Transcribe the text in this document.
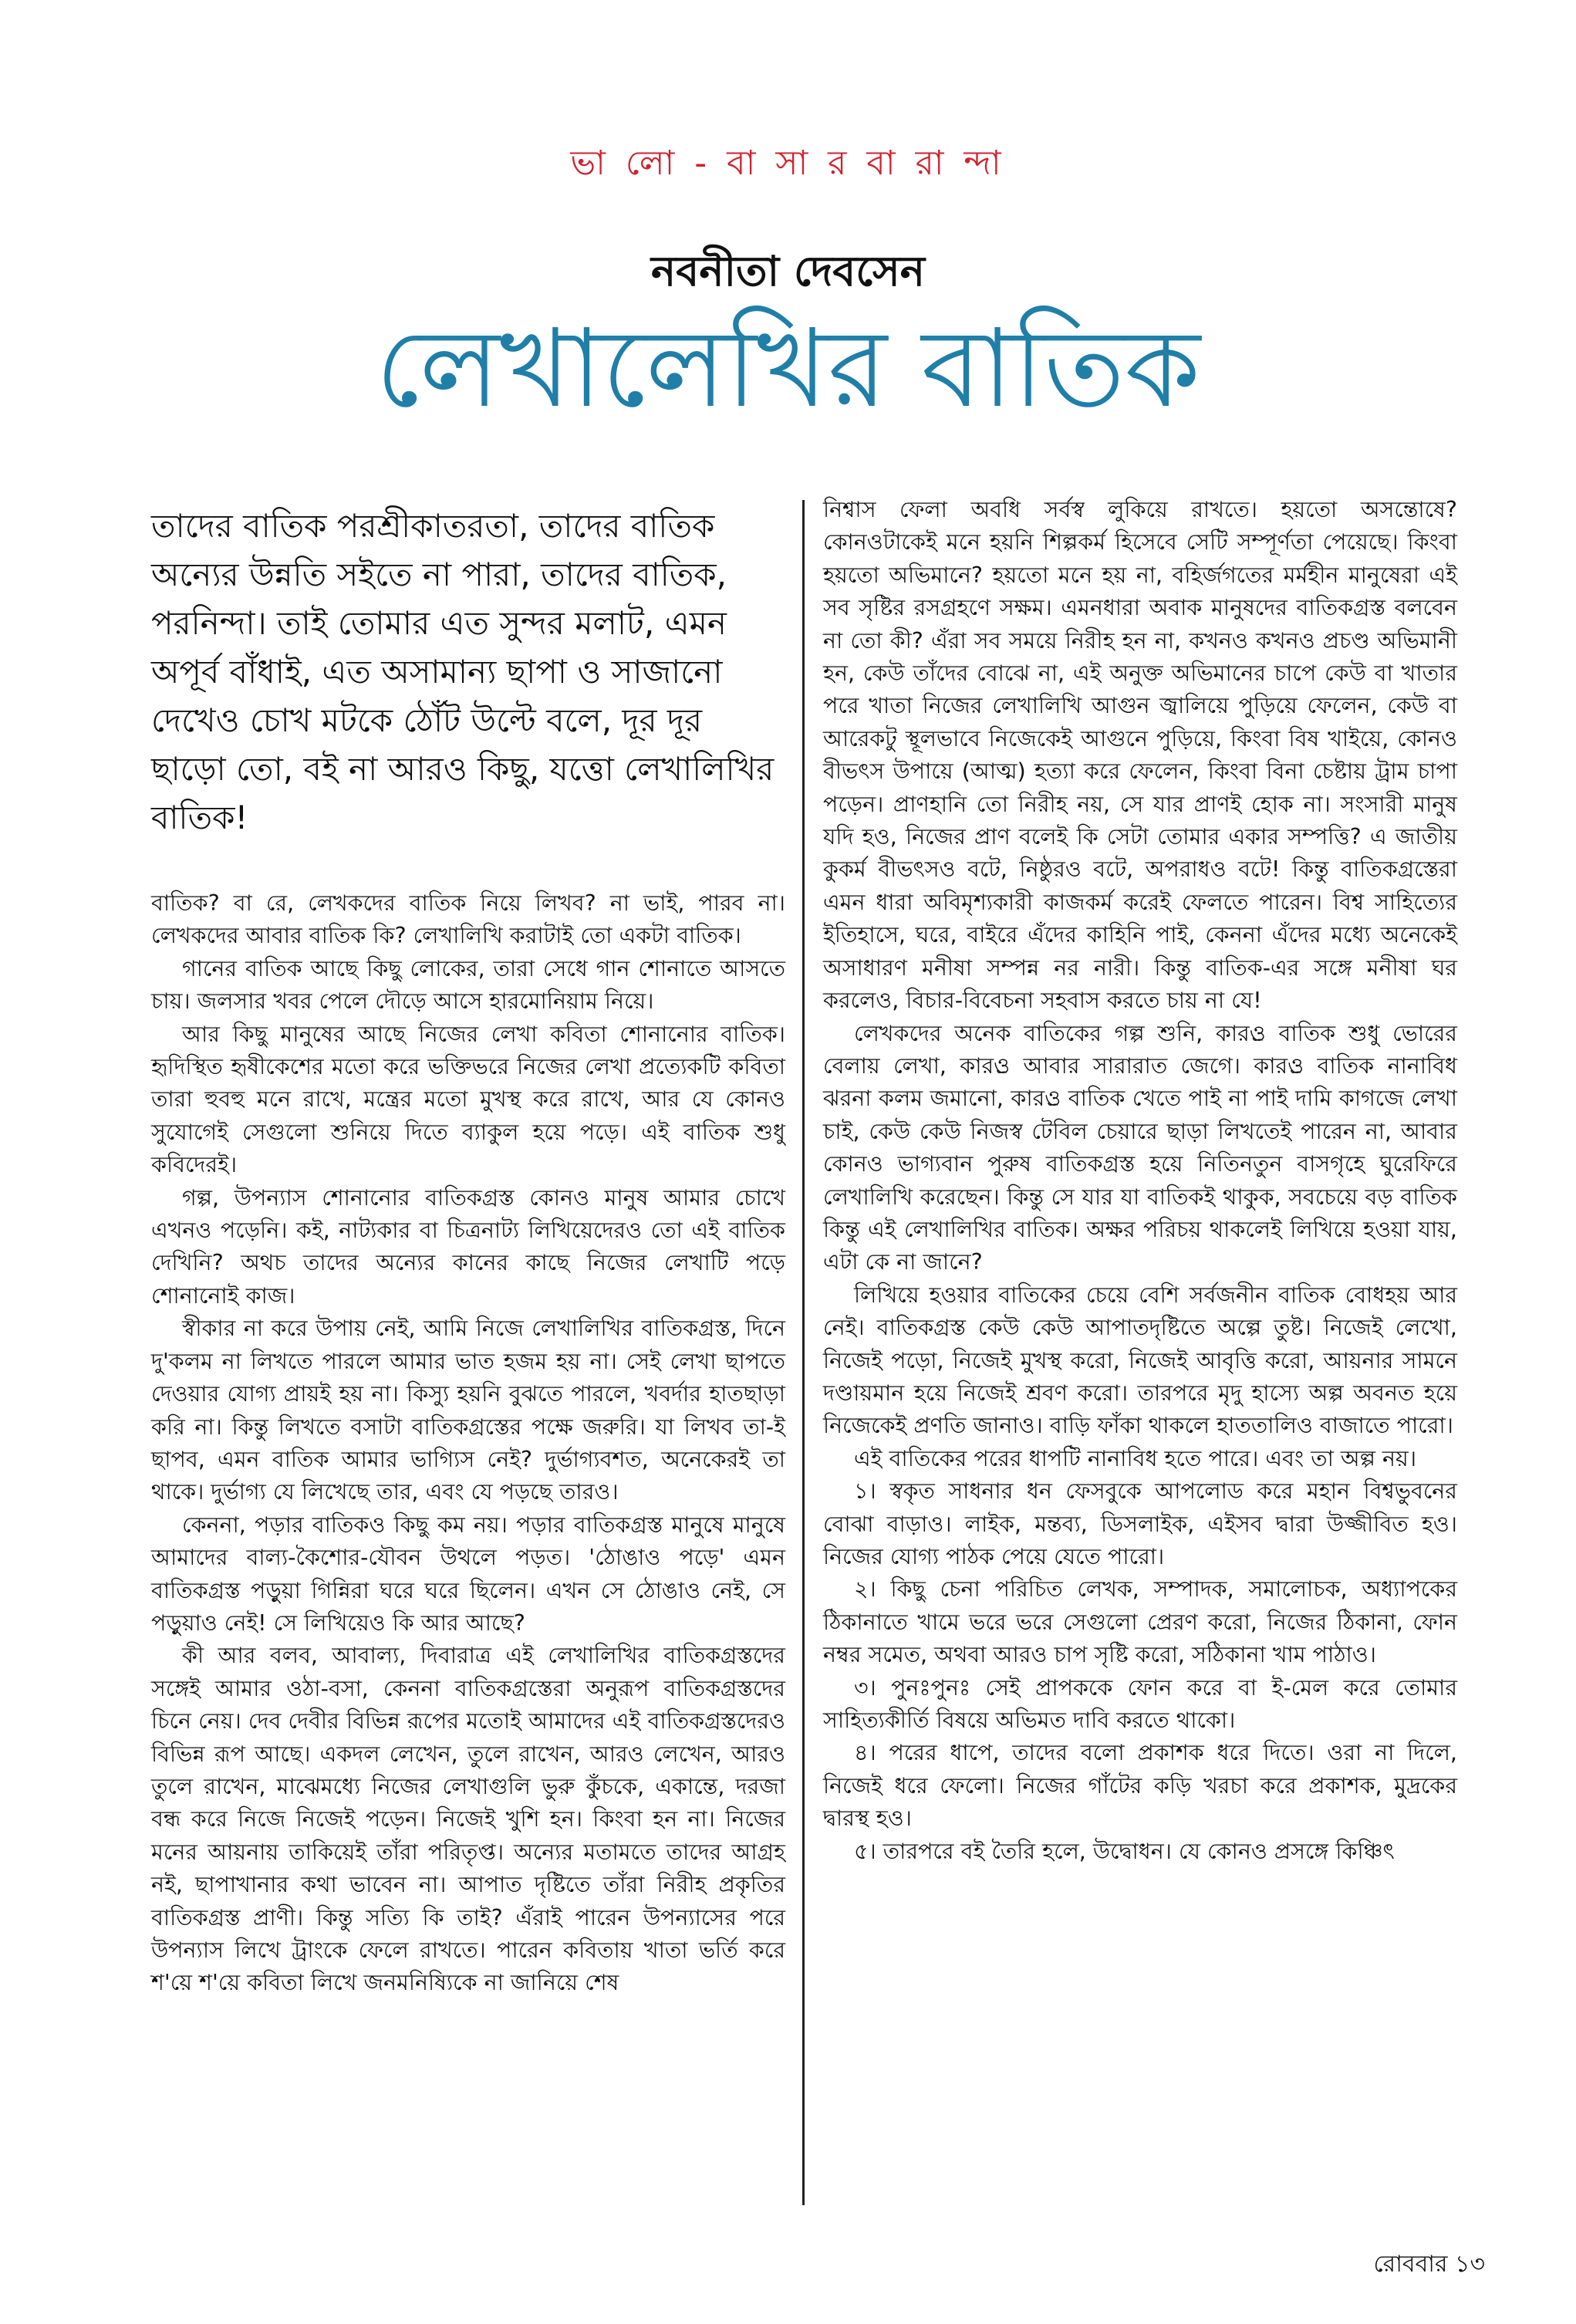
ভা লো - বা সা র বা রা ন্দা
নবনীতা দেবসেন
লেখালেখির বাতিক
তাদের বাতিক পরশ্রীকাতরতা, তাদের বাতিক অন্যের উন্নতি সইতে না পারা, তাদের বাতিক, পরনিন্দা। তাই তোমার এত সুন্দর মলাট, এমন অপূর্ব বাঁধাই, এত অসামান্য ছাপা ও সাজানো দেখেও চোখ মটকে ঠোঁট উল্টে বলে, দূর দূর ছাড়ো তো, বই না আরও কিছু, যত্তো লেখালিখির বাতিক!

বাতিক? বা রে, লেখকদের বাতিক নিয়ে লিখব? না ভাই, পারব না। লেখকদের আবার বাতিক কি? লেখালিখি করাটাই তো একটা বাতিক।

গানের বাতিক আছে কিছু লোকের, তারা সেধে গান শোনাতে আসতে চায়। জলসার খবর পেলে দৌড়ে আসে হারমোনিয়াম নিয়ে।

আর কিছু মানুষের আছে নিজের লেখা কবিতা শোনানোর বাতিক। হৃদিস্থিত হৃষীকেশের মতো করে ভক্তিভরে নিজের লেখা প্রত্যেকটি কবিতা তারা হুবহু মনে রাখে, মন্ত্রের মতো মুখস্থ করে রাখে, আর যে কোনও সুযোগেই সেগুলো শুনিয়ে দিতে ব্যাকুল হয়ে পড়ে। এই বাতিক শুধু কবিদেরই।

গল্প, উপন্যাস শোনানোর বাতিকগ্রস্ত কোনও মানুষ আমার চোখে এখনও পড়েনি। কই, নাট্যকার বা চিত্রনাট্য লিখিয়েদেরও তো এই বাতিক দেখিনি? অথচ তাদের অন্যের কানের কাছে নিজের লেখাটি পড়ে শোনানোই কাজ।

স্বীকার না করে উপায় নেই, আমি নিজে লেখালিখির বাতিকগ্রস্ত, দিনে দু'কলম না লিখতে পারলে আমার ভাত হজম হয় না। সেই লেখা ছাপতে দেওয়ার যোগ্য প্রায়ই হয় না। কিস্যু হয়নি বুঝতে পারলে, খবর্দার হাতছাড়া করি না। কিন্তু লিখতে বসাটা বাতিকগ্রস্তের পক্ষে জরুরি। যা লিখব তা-ই ছাপব, এমন বাতিক আমার ভাগ্যিস নেই? দুর্ভাগ্যবশত, অনেকেরই তা থাকে। দুর্ভাগ্য যে লিখেছে তার, এবং যে পড়ছে তারও।

কেননা, পড়ার বাতিকও কিছু কম নয়। পড়ার বাতিকগ্রস্ত মানুষে মানুষে আমাদের বাল্য-কৈশোর-যৌবন উথলে পড়ত। 'ঠোঙাও পড়ে' এমন বাতিকগ্রস্ত পড়ুয়া গিন্নিরা ঘরে ঘরে ছিলেন। এখন সে ঠোঙাও নেই, সে পড়ুয়াও নেই! সে লিখিয়েও কি আর আছে?

কী আর বলব, আবাল্য, দিবারাত্র এই লেখালিখির বাতিকগ্রস্তদের সঙ্গেই আমার ওঠা-বসা, কেননা বাতিকগ্রস্তেরা অনুরূপ বাতিকগ্রস্তদের চিনে নেয়। দেব দেবীর বিভিন্ন রূপের মতোই আমাদের এই বাতিকগ্রস্তদেরও বিভিন্ন রূপ আছে। একদল লেখেন, তুলে রাখেন, আরও লেখেন, আরও তুলে রাখেন, মাঝেমধ্যে নিজের লেখাগুলি ভুরু কুঁচকে, একান্তে, দরজা বন্ধ করে নিজে নিজেই পড়েন। নিজেই খুশি হন। কিংবা হন না। নিজের মনের আয়নায় তাকিয়েই তাঁরা পরিতৃপ্ত। অন্যের মতামতে তাদের আগ্রহ নই, ছাপাখানার কথা ভাবেন না। আপাত দৃষ্টিতে তাঁরা নিরীহ প্রকৃতির বাতিকগ্রস্ত প্রাণী। কিন্তু সত্যি কি তাই? এঁরাই পারেন উপন্যাসের পরে উপন্যাস লিখে ট্রাংকে ফেলে রাখতে। পারেন কবিতায় খাতা ভর্তি করে শ'য়ে শ'য়ে কবিতা লিখে জনমনিষ্যিকে না জানিয়ে শেষ

নিশ্বাস ফেলা অবধি সর্বস্ব লুকিয়ে রাখতে। হয়তো অসন্তোষে? কোনওটাকেই মনে হয়নি শিল্পকর্ম হিসেবে সেটি সম্পূর্ণতা পেয়েছে। কিংবা হয়তো অভিমানে? হয়তো মনে হয় না, বহির্জগতের মর্মহীন মানুষেরা এই সব সৃষ্টির রসগ্রহণে সক্ষম। এমনধারা অবাক মানুষদের বাতিকগ্রস্ত বলবেন না তো কী? এঁরা সব সময়ে নিরীহ হন না, কখনও কখনও প্রচণ্ড অভিমানী হন, কেউ তাঁদের বোঝে না, এই অনুক্ত অভিমানের চাপে কেউ বা খাতার পরে খাতা নিজের লেখালিখি আগুন জ্বালিয়ে পুড়িয়ে ফেলেন, কেউ বা আরেকটু স্থূলভাবে নিজেকেই আগুনে পুড়িয়ে, কিংবা বিষ খাইয়ে, কোনও বীভৎস উপায়ে (আত্ম) হত্যা করে ফেলেন, কিংবা বিনা চেষ্টায় ট্রাম চাপা পড়েন। প্রাণহানি তো নিরীহ নয়, সে যার প্রাণই হোক না। সংসারী মানুষ যদি হও, নিজের প্রাণ বলেই কি সেটা তোমার একার সম্পত্তি? এ জাতীয় কুকর্ম বীভৎসও বটে, নিষ্ঠুরও বটে, অপরাধও বটে! কিন্তু বাতিকগ্রস্তেরা এমন ধারা অবিমৃশ্যকারী কাজকর্ম করেই ফেলতে পারেন। বিশ্ব সাহিত্যের ইতিহাসে, ঘরে, বাইরে এঁদের কাহিনি পাই, কেননা এঁদের মধ্যে অনেকেই অসাধারণ মনীষা সম্পন্ন নর নারী। কিন্তু বাতিক-এর সঙ্গে মনীষা ঘর করলেও, বিচার-বিবেচনা সহবাস করতে চায় না যে!

লেখকদের অনেক বাতিকের গল্প শুনি, কারও্র বাতিক শুধু ভোরের বেলায় লেখা, কারও্র আবার সারারাত জেগে। কারও্র বাতিক নানাবিধ ঝরনা কলম জমানো, কারও্র বাতিক খেতে পাই না পাই দামি কাগজে লেখা চাই, কেউ কেউ নিজস্ব টেবিল চেয়ারে ছাড়া লিখতেই পারেন না, আবার কোনও ভাগ্যবান পুরুষ বাতিকগ্রস্ত হয়ে নিতিনতুন বাসগৃহে ঘুরেফিরে লেখালিখি করেছেন। কিন্তু সে যার যা বাতিকই থাকুক, সবচেয়ে বড় বাতিক কিন্তু এই লেখালিখির বাতিক। অক্ষর পরিচয় থাকলেই লিখিয়ে হওয়া যায়, এটা কে না জানে?

লিখিয়ে হওয়ার বাতিকের চেয়ে বেশি সর্বজনীন বাতিক বোধহয় আর নেই। বাতিকগ্রস্ত কেউ কেউ আপাতদৃষ্টিতে অল্পে তুষ্ট। নিজেই লেখো, নিজেই পড়ো, নিজেই মুখস্থ করো, নিজেই আবৃত্তি করো, আয়নার সামনে দণ্ডায়মান হয়ে নিজেই শ্রবণ করো। তারপরে মৃদু হাস্যে অল্প অবনত হয়ে নিজেকেই প্রণতি জানাও। বাড়ি ফাঁকা থাকলে হাততালিও বাজাতে পারো।

এই বাতিকের পরের ধাপটি নানাবিধ হতে পারে। এবং তা অল্প নয়।

১। স্বকৃত সাধনার ধন ফেসবুকে আপলোড করে মহান বিশ্বভুবনের বোঝা বাড়াও। লাইক, মন্তব্য, ডিসলাইক, এইসব দ্বারা উজ্জীবিত হও। নিজের যোগ্য পাঠক পেয়ে যেতে পারো।

২। কিছু চেনা পরিচিত লেখক, সম্পাদক, সমালোচক, অধ্যাপকের ঠিকানাতে খামে ভরে ভরে সেগুলো প্রেরণ করো, নিজের ঠিকানা, ফোন নম্বর সমেত, অথবা আরও চাপ সৃষ্টি করো, সঠিকানা খাম পাঠাও।

৩। পুনঃপুনঃ সেই প্রাপককে ফোন করে বা ই-মেল করে তোমার সাহিত্যকীর্তি বিষয়ে অভিমত দাবি করতে থাকো।

৪। পরের ধাপে, তাদের বলো প্রকাশক ধরে দিতে। ওরা না দিলে, নিজেই ধরে ফেলো। নিজের গাঁটের কড়ি খরচা করে প্রকাশক, মুদ্রকের দ্বারস্থ হও।

৫। তারপরে বই তৈরি হলে, উদ্বোধন। যে কোনও প্রসঙ্গে কিঞ্চিৎ

রোববার ১৩
